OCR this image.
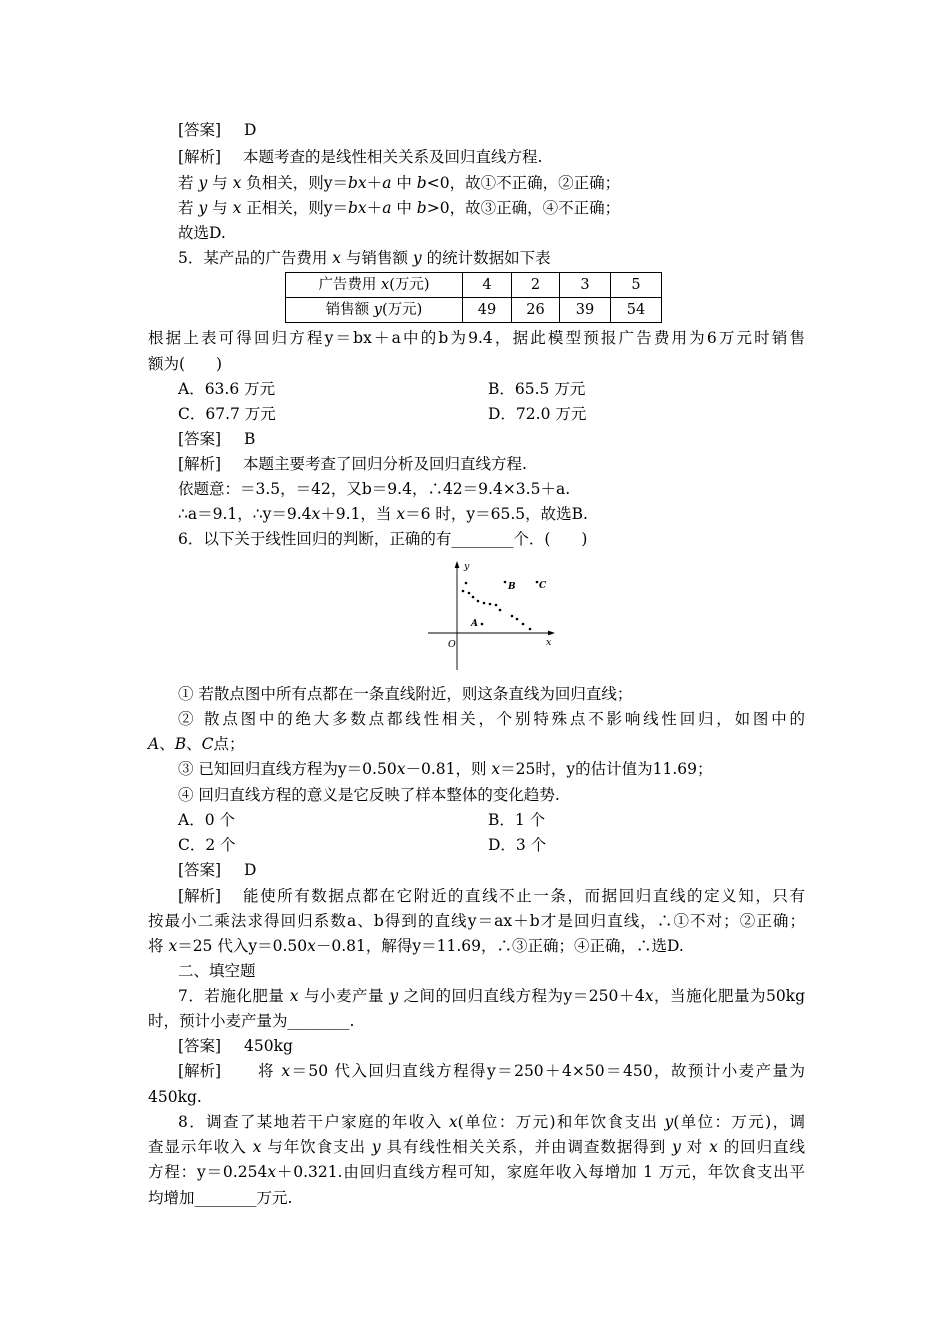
[答案] D
[解析] 本题考查的是线性相关关系及回归直线方程.
若 y 与 x 负相关，则y＝bx＋a 中 b<0，故①不正确，②正确；
若 y 与 x 正相关，则y＝bx＋a 中 b>0，故③正确，④不正确；
故选D.
5．某产品的广告费用 x 与销售额 y 的统计数据如下表
广告费用 x(万元)	4	2	3	5
销售额 y(万元)	49	26	39	54
根据上表可得回归方程y＝bx＋a中的b为9.4，据此模型预报广告费用为6万元时销售
额为(　　)
A．63.6 万元	B．65.5 万元
C．67.7 万元	D．72.0 万元
[答案] B
[解析] 本题主要考查了回归分析及回归直线方程.
依题意：＝3.5，＝42，又b＝9.4，∴42＝9.4×3.5＋a.
∴a＝9.1，∴y＝9.4x＋9.1，当 x＝6 时，y＝65.5，故选B.
6．以下关于线性回归的判断，正确的有________个．(　　)
y
x
O
A
B	C
① 若散点图中所有点都在一条直线附近，则这条直线为回归直线；
② 散点图中的绝大多数点都线性相关，个别特殊点不影响线性回归，如图中的
A、B、C点；
③ 已知回归直线方程为y＝0.50x－0.81，则 x＝25时，y的估计值为11.69；
④ 回归直线方程的意义是它反映了样本整体的变化趋势.
A．0 个	B．1 个
C．2 个	D．3 个
[答案] D
[解析] 能使所有数据点都在它附近的直线不止一条，而据回归直线的定义知，只有
按最小二乘法求得回归系数a、b得到的直线y＝ax＋b才是回归直线，∴①不对；②正确；
将 x＝25 代入y＝0.50x－0.81，解得y＝11.69，∴③正确；④正确，∴选D.
二、填空题
7．若施化肥量 x 与小麦产量 y 之间的回归直线方程为y＝250＋4x，当施化肥量为50kg
时，预计小麦产量为________.
[答案] 450kg
[解析] 将 x＝50 代入回归直线方程得y＝250＋4×50＝450，故预计小麦产量为
450kg.
8．调查了某地若干户家庭的年收入 x(单位：万元)和年饮食支出 y(单位：万元)，调
查显示年收入 x 与年饮食支出 y 具有线性相关关系，并由调查数据得到 y 对 x 的回归直线
方程：y＝0.254x＋0.321.由回归直线方程可知，家庭年收入每增加 1 万元，年饮食支出平
均增加________万元.
